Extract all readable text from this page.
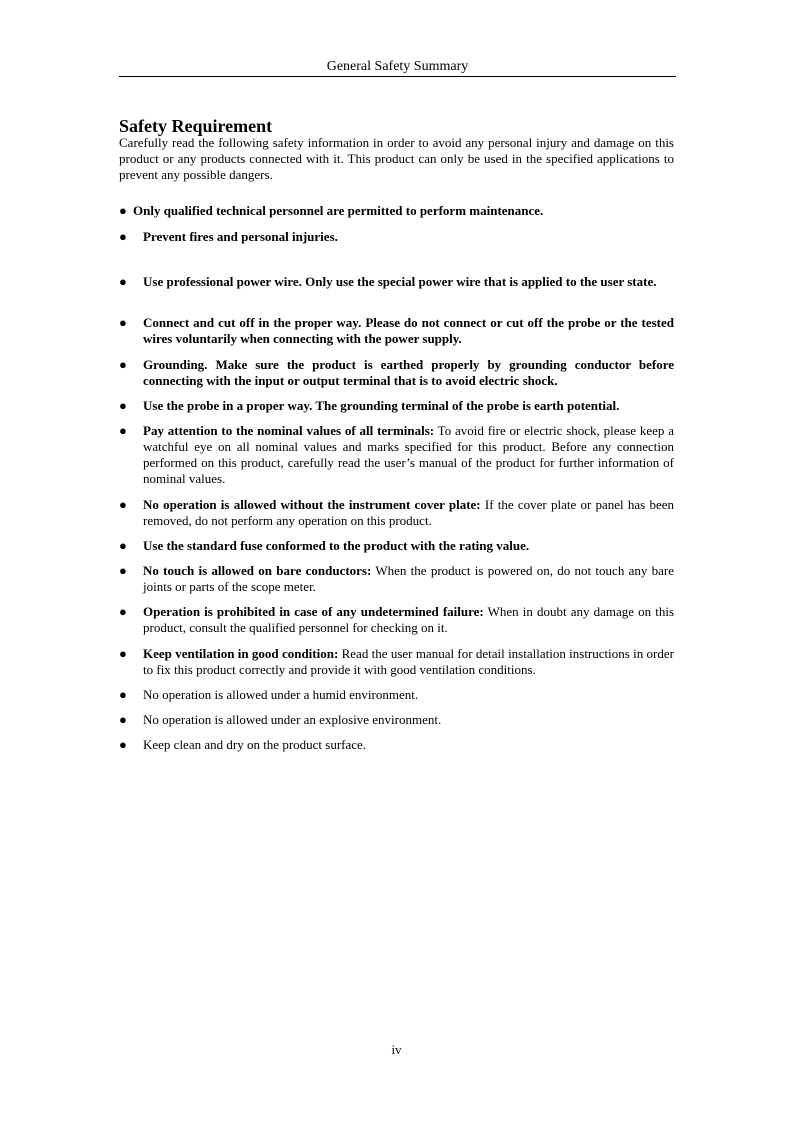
General Safety Summary
Safety Requirement
Carefully read the following safety information in order to avoid any personal injury and damage on this product or any products connected with it. This product can only be used in the specified applications to prevent any possible dangers.
● Only qualified technical personnel are permitted to perform maintenance.
● Prevent fires and personal injuries.
● Use professional power wire. Only use the special power wire that is applied to the user state.
● Connect and cut off in the proper way. Please do not connect or cut off the probe or the tested wires voluntarily when connecting with the power supply.
● Grounding. Make sure the product is earthed properly by grounding conductor before connecting with the input or output terminal that is to avoid electric shock.
● Use the probe in a proper way. The grounding terminal of the probe is earth potential.
● Pay attention to the nominal values of all terminals: To avoid fire or electric shock, please keep a watchful eye on all nominal values and marks specified for this product. Before any connection performed on this product, carefully read the user’s manual of the product for further information of nominal values.
● No operation is allowed without the instrument cover plate: If the cover plate or panel has been removed, do not perform any operation on this product.
● Use the standard fuse conformed to the product with the rating value.
● No touch is allowed on bare conductors: When the product is powered on, do not touch any bare joints or parts of the scope meter.
● Operation is prohibited in case of any undetermined failure: When in doubt any damage on this product, consult the qualified personnel for checking on it.
● Keep ventilation in good condition: Read the user manual for detail installation instructions in order to fix this product correctly and provide it with good ventilation conditions.
● No operation is allowed under a humid environment.
● No operation is allowed under an explosive environment.
● Keep clean and dry on the product surface.
iv
